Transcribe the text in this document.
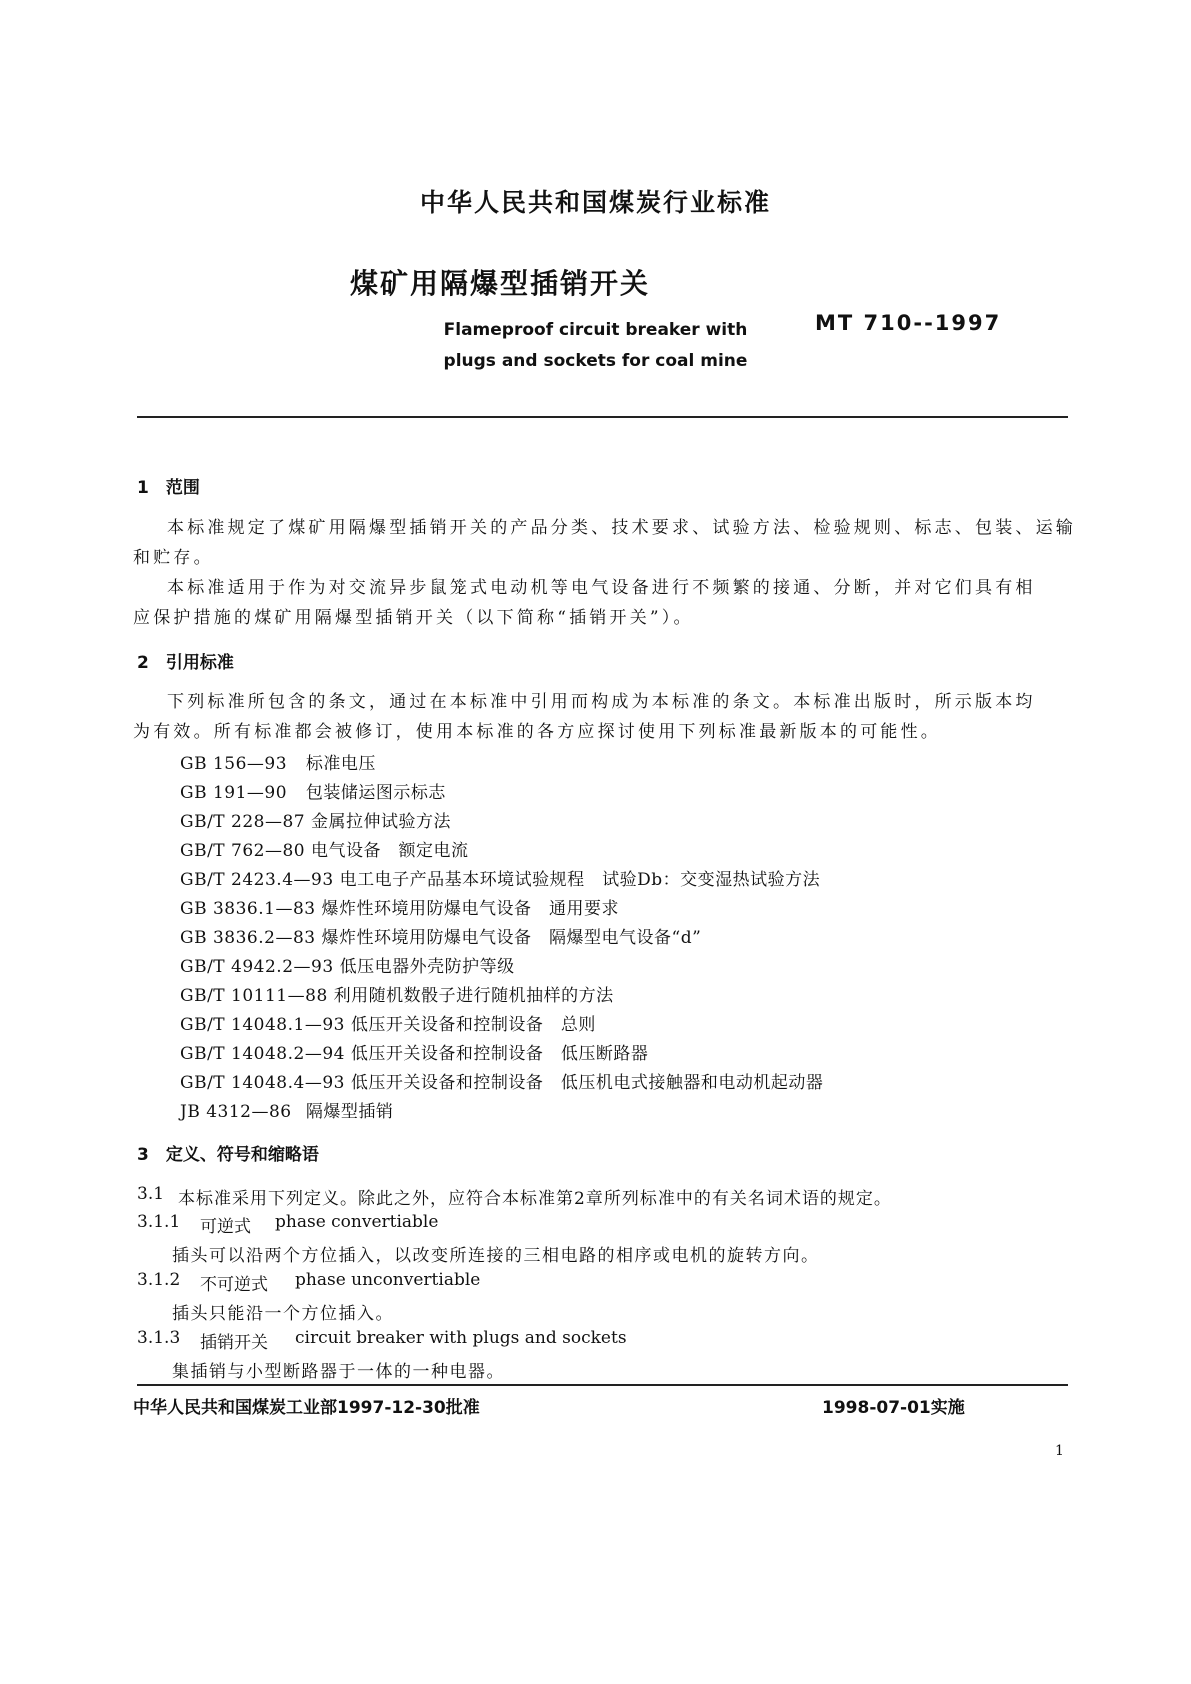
中华人民共和国煤炭行业标准
煤矿用隔爆型插销开关
MT 710--1997
Flameproof circuit breaker with
plugs and sockets for coal mine
1　范围
本标准规定了煤矿用隔爆型插销开关的产品分类、技术要求、试验方法、检验规则、标志、包装、运输
和贮存。
本标准适用于作为对交流异步鼠笼式电动机等电气设备进行不频繁的接通、分断，并对它们具有相
应保护措施的煤矿用隔爆型插销开关（以下简称“插销开关”）。
2　引用标准
下列标准所包含的条文，通过在本标准中引用而构成为本标准的条文。本标准出版时，所示版本均
为有效。所有标准都会被修订，使用本标准的各方应探讨使用下列标准最新版本的可能性。
GB 156—93 标准电压
GB 191—90 包装储运图示标志
GB/T 228—87 金属拉伸试验方法
GB/T 762—80 电气设备　额定电流
GB/T 2423.4—93 电工电子产品基本环境试验规程　试验Db：交变湿热试验方法
GB 3836.1—83 爆炸性环境用防爆电气设备　通用要求
GB 3836.2—83 爆炸性环境用防爆电气设备　隔爆型电气设备“d”
GB/T 4942.2—93 低压电器外壳防护等级
GB/T 10111—88 利用随机数骰子进行随机抽样的方法
GB/T 14048.1—93 低压开关设备和控制设备　总则
GB/T 14048.2—94 低压开关设备和控制设备　低压断路器
GB/T 14048.4—93 低压开关设备和控制设备　低压机电式接触器和电动机起动器
JB 4312—86 隔爆型插销
3　定义、符号和缩略语
3.1 本标准采用下列定义。除此之外，应符合本标准第2章所列标准中的有关名词术语的规定。
3.1.1 可逆式 phase convertiable
插头可以沿两个方位插入，以改变所连接的三相电路的相序或电机的旋转方向。
3.1.2 不可逆式 phase unconvertiable
插头只能沿一个方位插入。
3.1.3 插销开关 circuit breaker with plugs and sockets
集插销与小型断路器于一体的一种电器。
中华人民共和国煤炭工业部1997-12-30批准	1998-07-01实施
1
